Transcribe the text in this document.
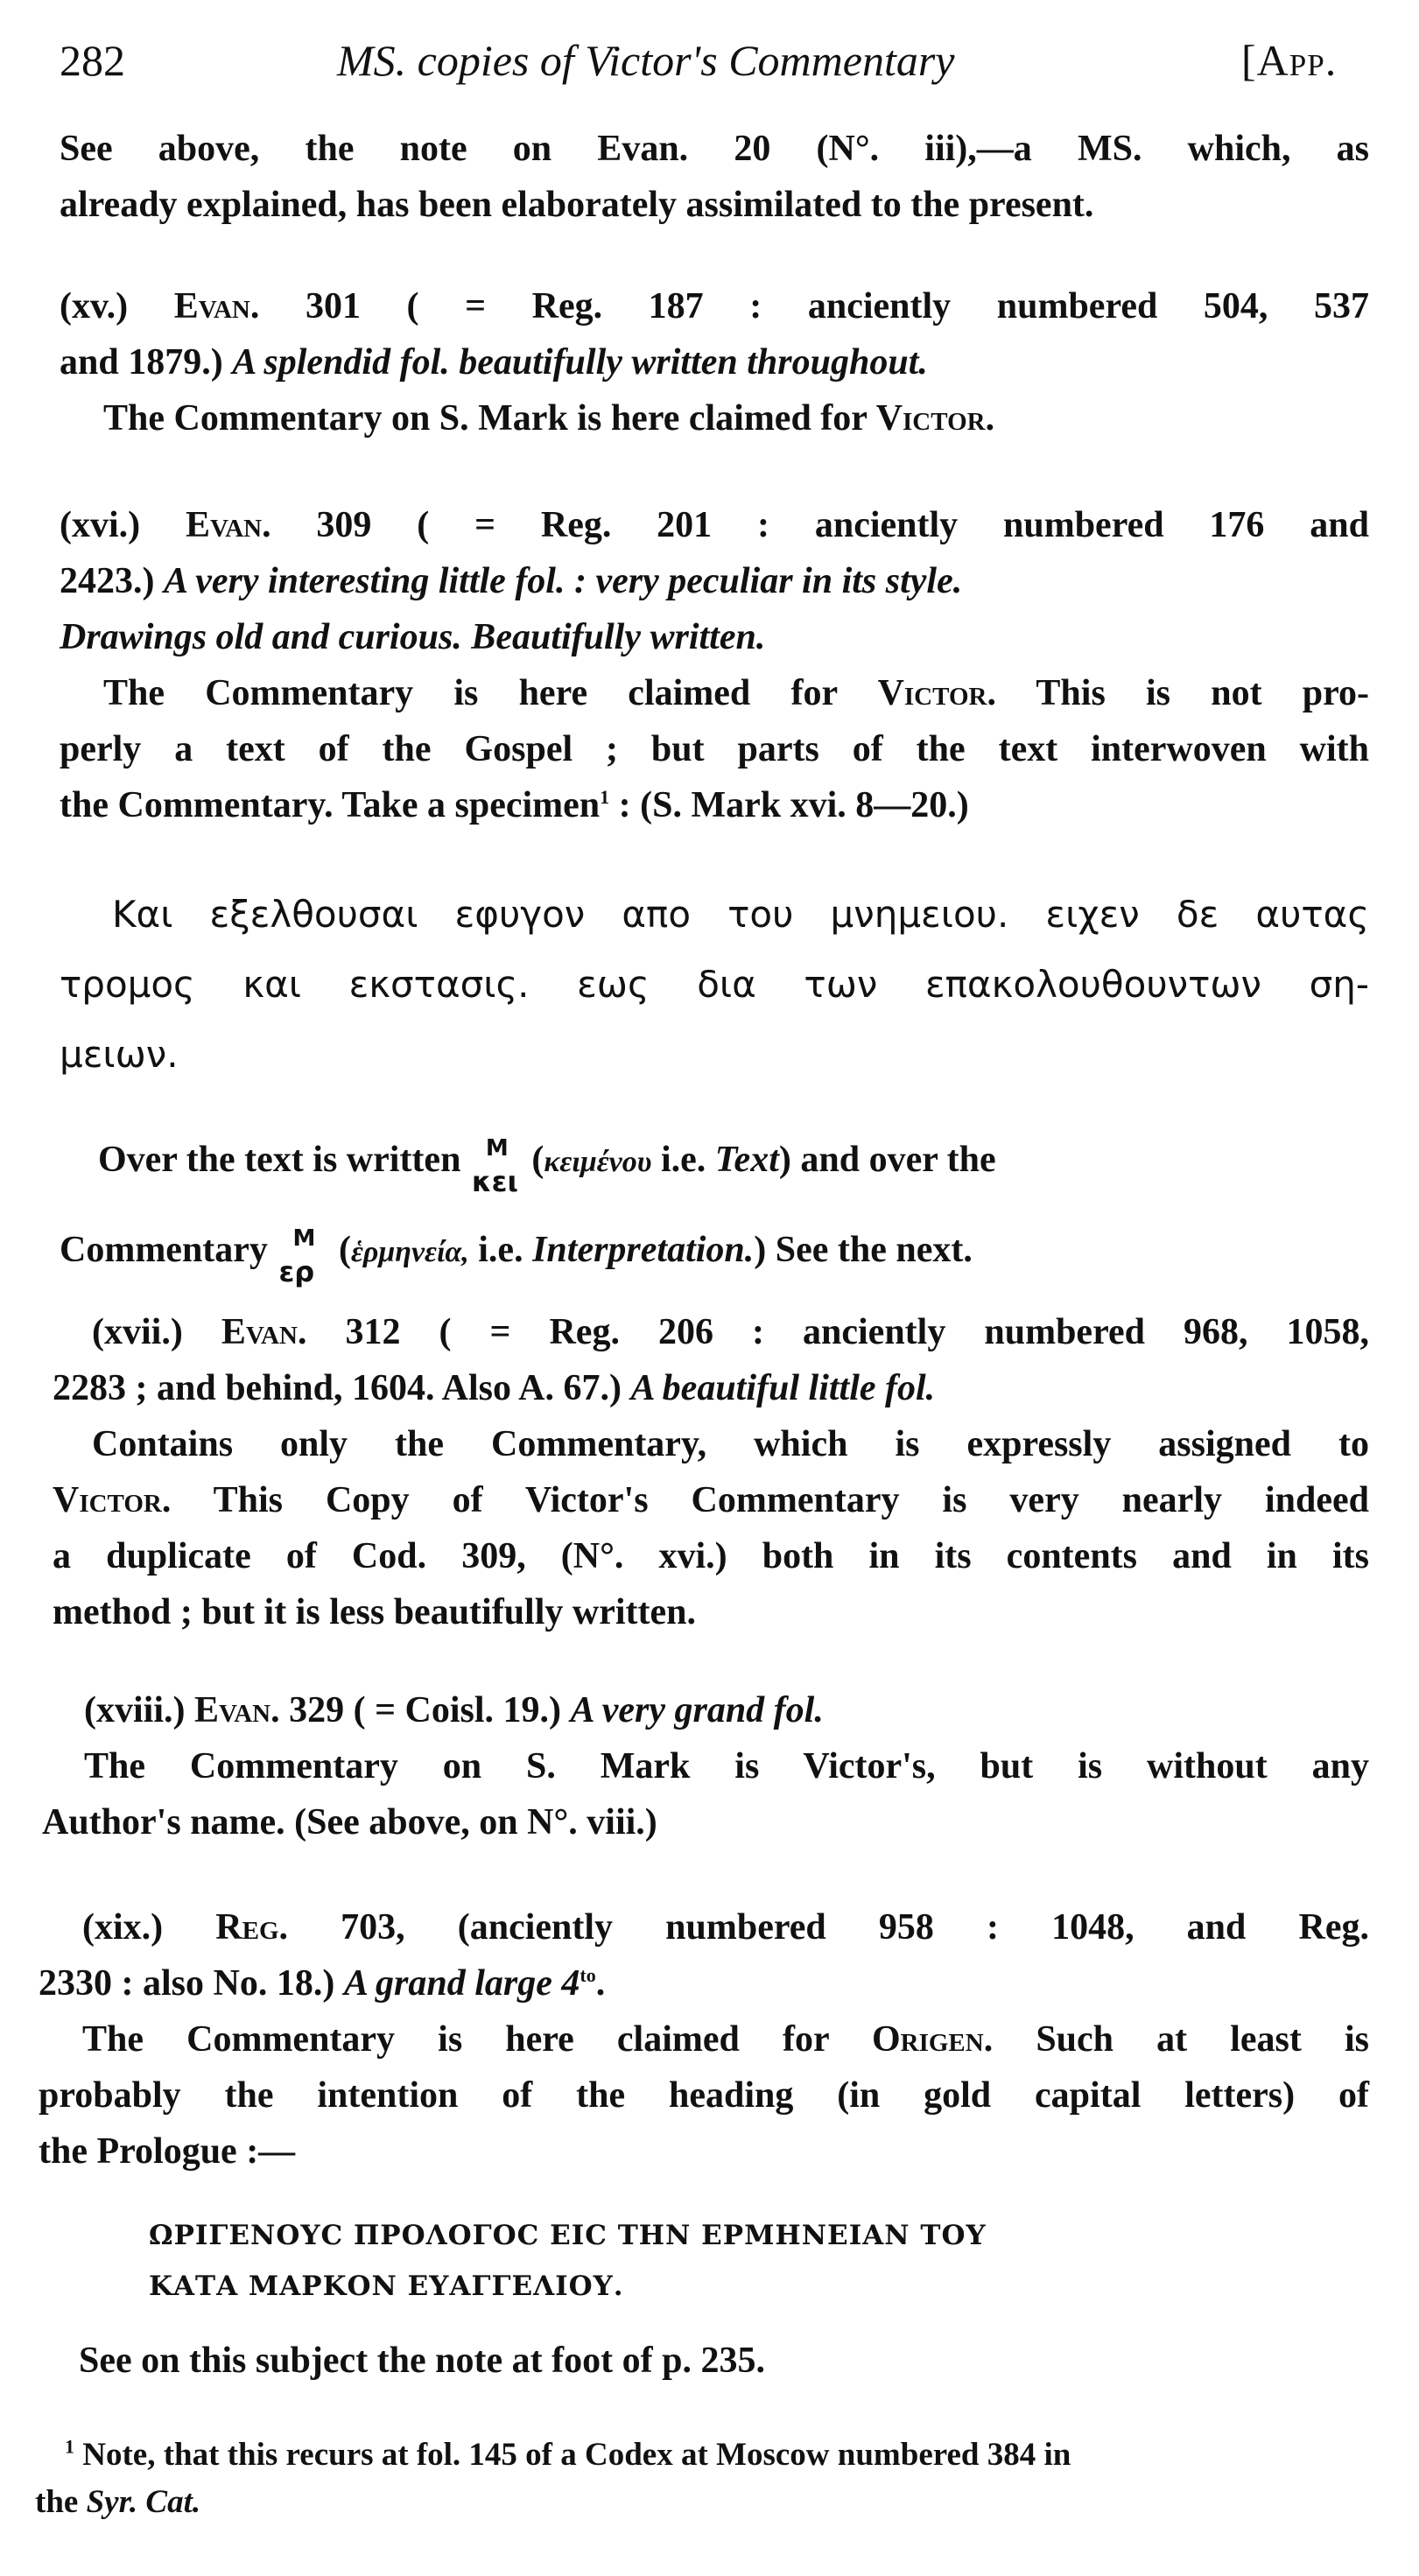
282	MS. copies of Victor's Commentary	[App.
See above, the note on Evan. 20 (N°. iii),—a MS. which, as
already explained, has been elaborately assimilated to the present.
(xv.) Evan. 301 ( = Reg. 187 : anciently numbered 504, 537
and 1879.) A splendid fol. beautifully written throughout.
The Commentary on S. Mark is here claimed for Victor.
(xvi.) Evan. 309 ( = Reg. 201 : anciently numbered 176 and
2423.) A very interesting little fol. : very peculiar in its style.
Drawings old and curious. Beautifully written.
The Commentary is here claimed for Victor. This is not pro-
perly a text of the Gospel ; but parts of the text interwoven with
the Commentary. Take a specimen$^1$ : (S. Mark xvi. 8—20.)
Και εξελθουσαι εφυγον απο του μνημειου. ειχεν δε αυτας
τρομος και εκστασις. εως δια των επακολουθουντων ση-
μειων.
Over the text is written M
κει
(κειμένου i.e. Text) and over the
Commentary M
ερ
(ἑρμηνεία, i.e. Interpretation.) See the next.
(xvii.) Evan. 312 ( = Reg. 206 : anciently numbered 968, 1058,
2283 ; and behind, 1604. Also A. 67.) A beautiful little fol.
Contains only the Commentary, which is expressly assigned to
Victor. This Copy of Victor's Commentary is very nearly indeed
a duplicate of Cod. 309, (N°. xvi.) both in its contents and in its
method ; but it is less beautifully written.
(xviii.) Evan. 329 ( = Coisl. 19.) A very grand fol.
The Commentary on S. Mark is Victor's, but is without any
Author's name. (See above, on N°. viii.)
(xix.) Reg. 703, (anciently numbered 958 : 1048, and Reg.
2330 : also No. 18.) A grand large $4^{to}$.
The Commentary is here claimed for Origen. Such at least is
probably the intention of the heading (in gold capital letters) of
the Prologue :—
ΩΡΙΓΕΝΟΥϹ ΠΡΟΛΟΓΟϹ ΕΙϹ ΤΗΝ ΕΡΜΗΝΕΙΑΝ ΤΟΥ
ΚΑΤΑ ΜΑΡΚΟΝ ΕΥΑΓΓΕΛΙΟΥ.
See on this subject the note at foot of p. 235.
$^1$ Note, that this recurs at fol. 145 of a Codex at Moscow numbered 384 in
the Syr. Cat.
